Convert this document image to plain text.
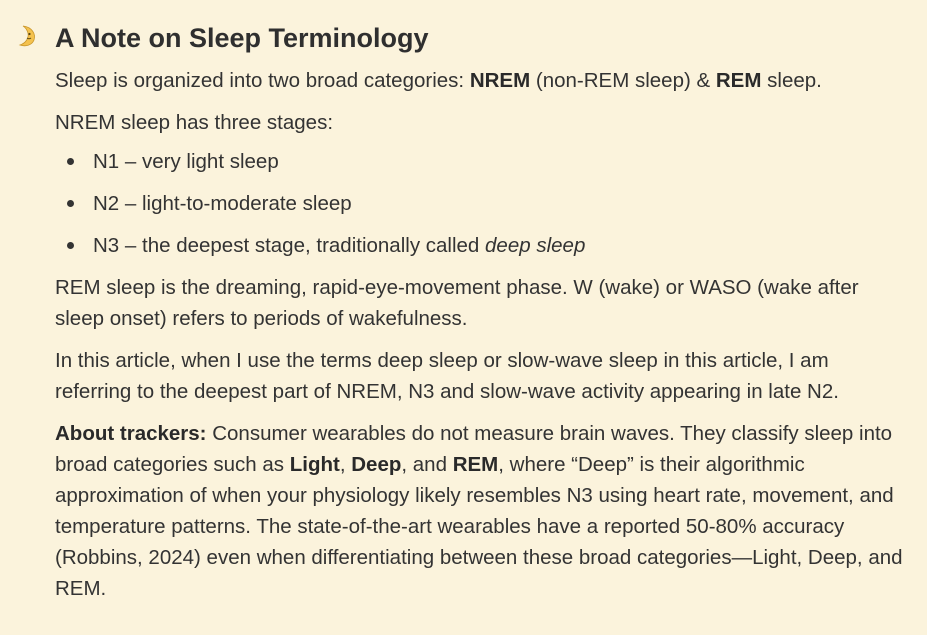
A Note on Sleep Terminology

Sleep is organized into two broad categories: NREM (non-REM sleep) & REM sleep.

NREM sleep has three stages:

N1 – very light sleep
N2 – light-to-moderate sleep
N3 – the deepest stage, traditionally called deep sleep

REM sleep is the dreaming, rapid-eye-movement phase. W (wake) or WASO (wake after sleep onset) refers to periods of wakefulness.

In this article, when I use the terms deep sleep or slow-wave sleep in this article, I am referring to the deepest part of NREM, N3 and slow-wave activity appearing in late N2.

About trackers: Consumer wearables do not measure brain waves. They classify sleep into broad categories such as Light, Deep, and REM, where “Deep” is their algorithmic approximation of when your physiology likely resembles N3 using heart rate, movement, and temperature patterns. The state-of-the-art wearables have a reported 50-80% accuracy (Robbins, 2024) even when differentiating between these broad categories—Light, Deep, and REM.
